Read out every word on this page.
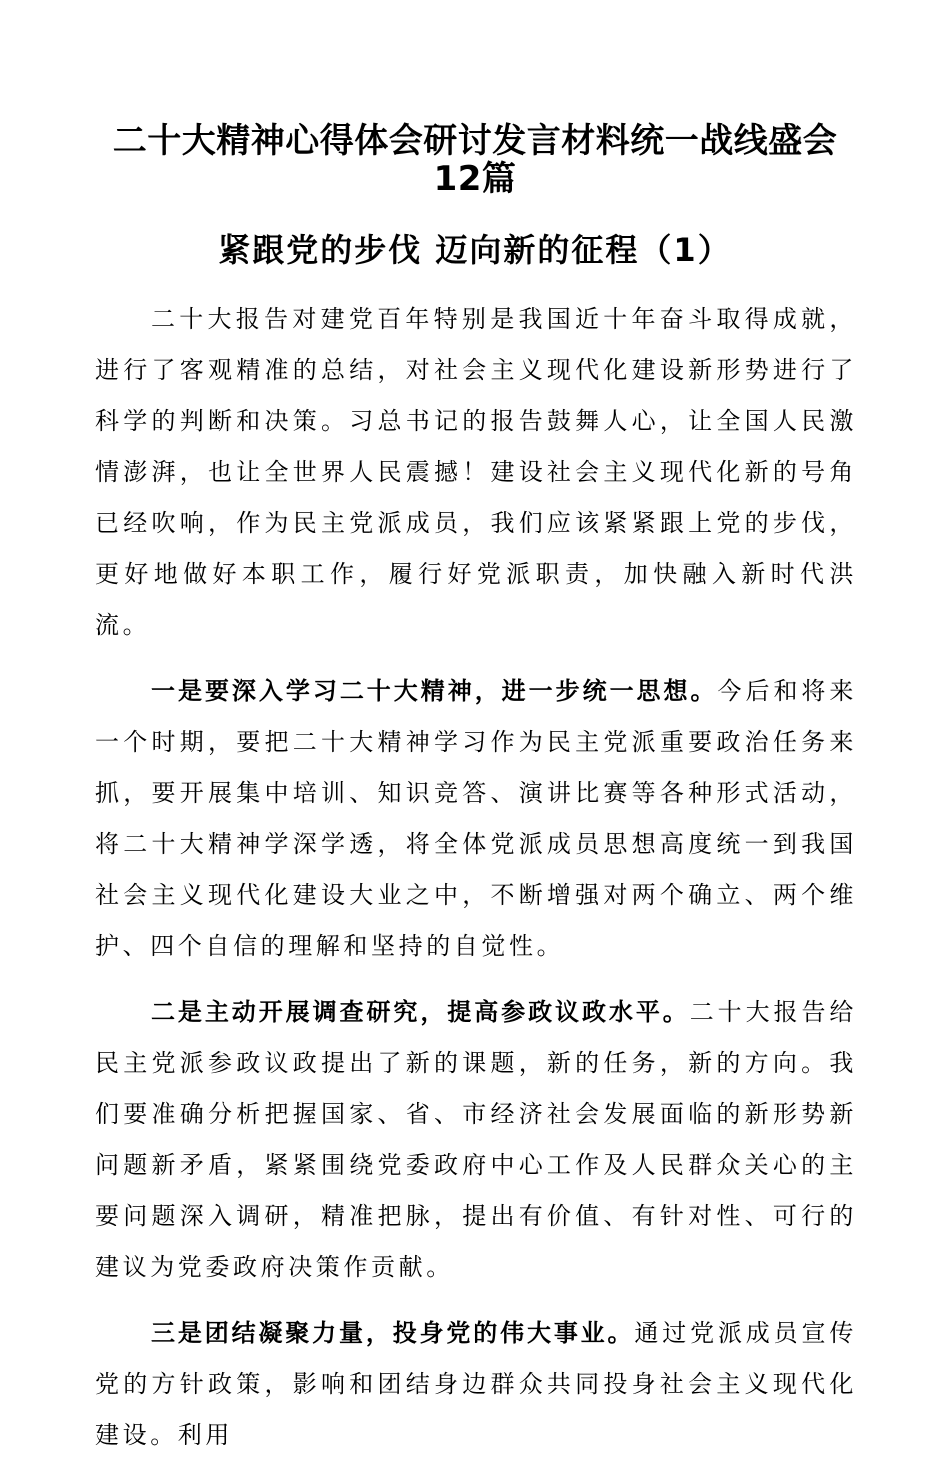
二十大精神心得体会研讨发言材料统一战线盛会
12篇
紧跟党的步伐 迈向新的征程（1）

二十大报告对建党百年特别是我国近十年奋斗取得成就，进行了客观精准的总结，对社会主义现代化建设新形势进行了科学的判断和决策。习总书记的报告鼓舞人心，让全国人民激情澎湃，也让全世界人民震撼！建设社会主义现代化新的号角已经吹响，作为民主党派成员，我们应该紧紧跟上党的步伐，更好地做好本职工作，履行好党派职责，加快融入新时代洪流。

一是要深入学习二十大精神，进一步统一思想。今后和将来一个时期，要把二十大精神学习作为民主党派重要政治任务来抓，要开展集中培训、知识竞答、演讲比赛等各种形式活动，将二十大精神学深学透，将全体党派成员思想高度统一到我国社会主义现代化建设大业之中，不断增强对两个确立、两个维护、四个自信的理解和坚持的自觉性。

二是主动开展调查研究，提高参政议政水平。二十大报告给民主党派参政议政提出了新的课题，新的任务，新的方向。我们要准确分析把握国家、省、市经济社会发展面临的新形势新问题新矛盾，紧紧围绕党委政府中心工作及人民群众关心的主要问题深入调研，精准把脉，提出有价值、有针对性、可行的建议为党委政府决策作贡献。

三是团结凝聚力量，投身党的伟大事业。通过党派成员宣传党的方针政策，影响和团结身边群众共同投身社会主义现代化建设。利用
